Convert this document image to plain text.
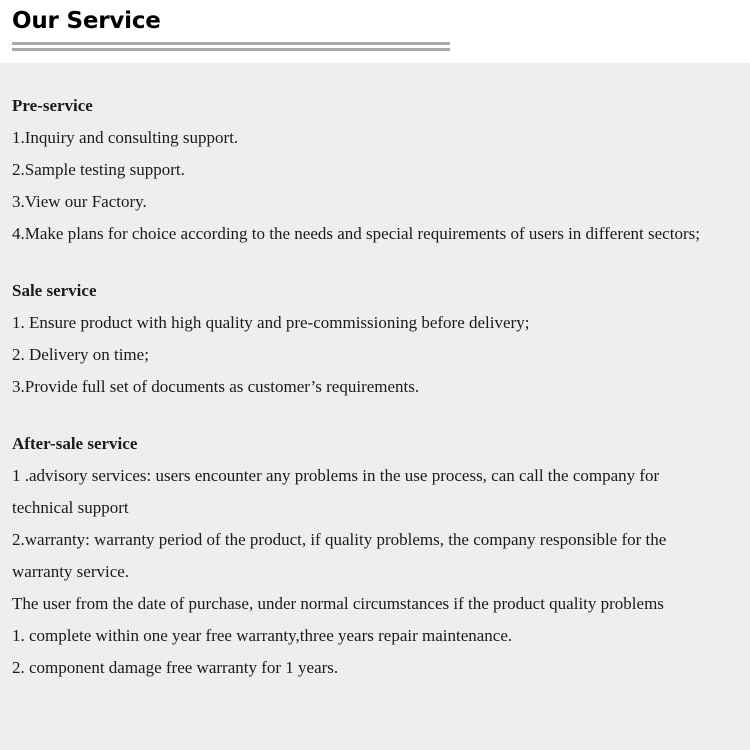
Our Service
Pre-service

1.Inquiry and consulting support.

2.Sample testing support.

3.View our Factory.

4.Make plans for choice according to the needs and special requirements of users in different sectors;

Sale service

1. Ensure product with high quality and pre-commissioning before delivery;

2. Delivery on time;

3.Provide full set of documents as customer’s requirements.

After-sale service

1 .advisory services: users encounter any problems in the use process, can call the company for technical support

2.warranty: warranty period of the product, if quality problems, the company responsible for the warranty service.

The user from the date of purchase, under normal circumstances if the product quality problems

1. complete within one year free warranty,three years repair maintenance.

2. component damage free warranty for 1 years.
